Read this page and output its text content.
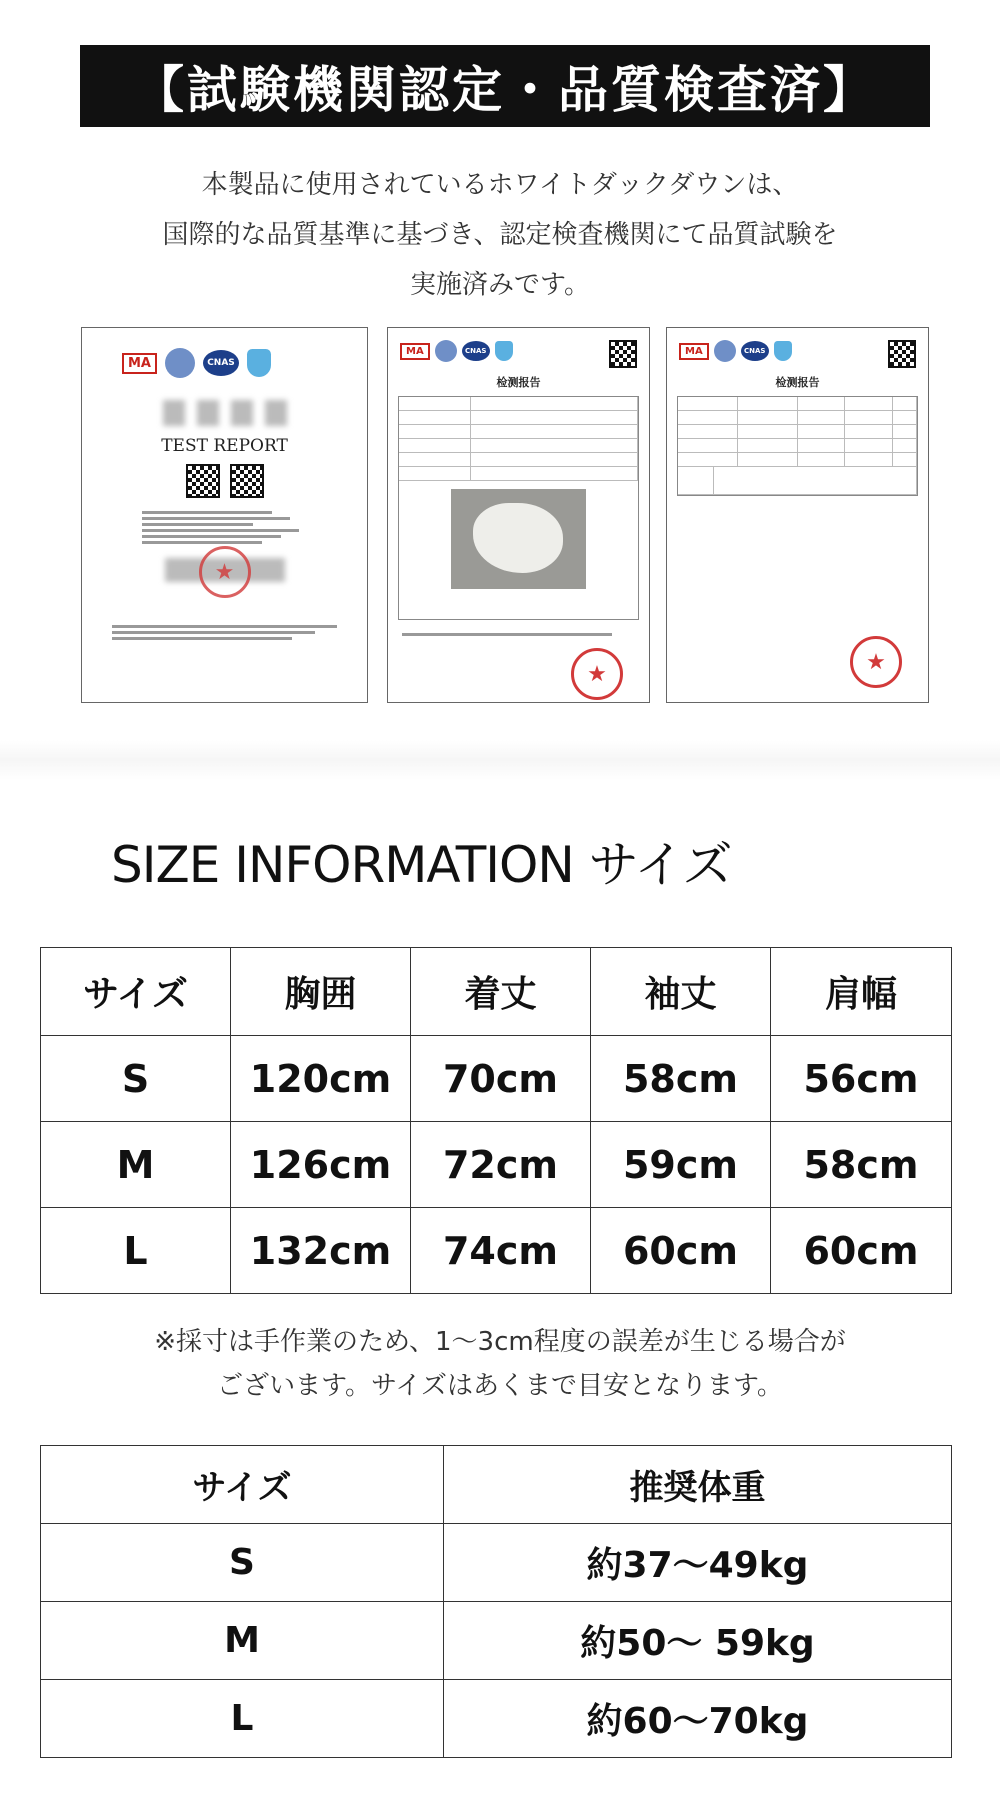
【試験機関認定・品質検査済】

本製品に使用されているホワイトダックダウンは、

国際的な品質基準に基づき、認定検査機関にて品質試験を

実施済みです。

MA	CNAS
TEST REPORT
★
MA	CNAS
检测报告
★
MA	CNAS
检测报告
★
SIZE INFORMATION サイズ
サイズ	胸囲	着丈	袖丈	肩幅
S	120cm	70cm	58cm	56cm
M	126cm	72cm	59cm	58cm
L	132cm	74cm	60cm	60cm

※採寸は手作業のため、1〜3cm程度の誤差が生じる場合が

ございます。サイズはあくまで目安となります。

サイズ	推奨体重
S	約37〜49kg
M	約50〜 59kg
L	約60〜70kg
